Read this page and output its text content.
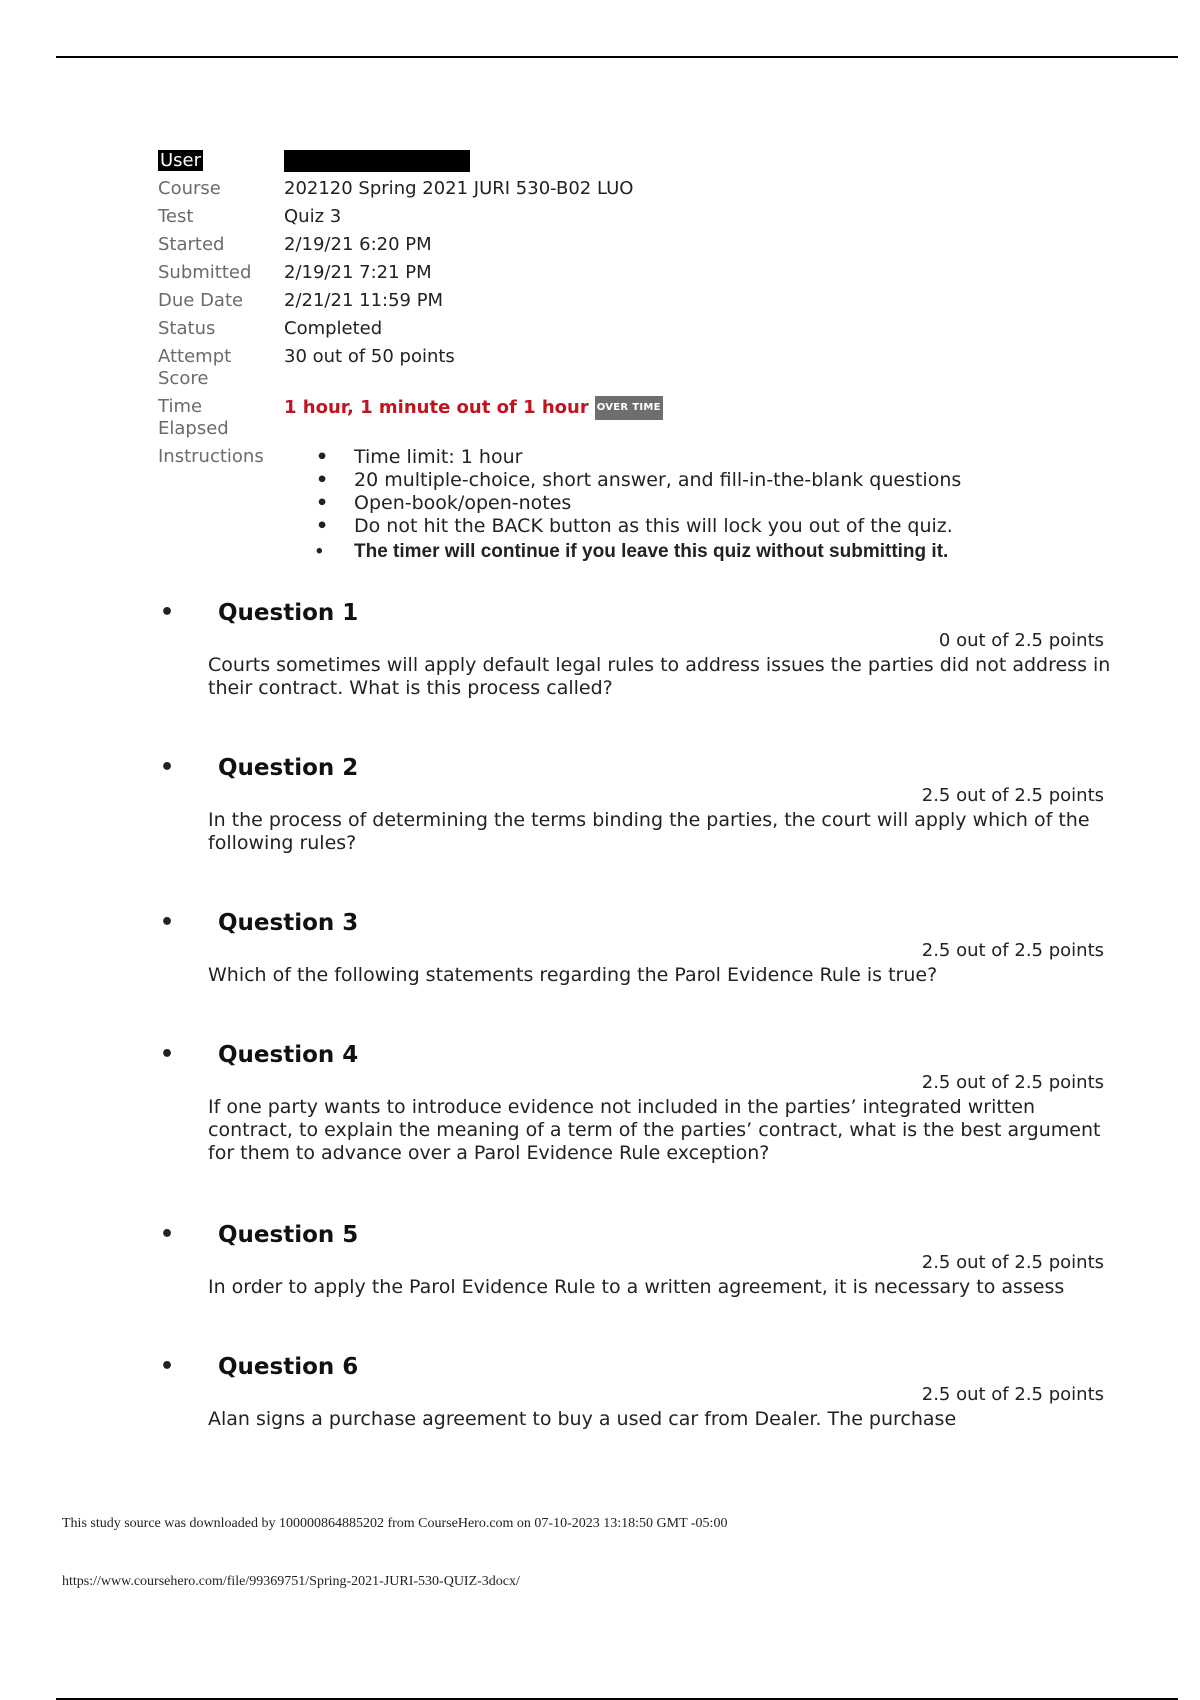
User
Course	202120 Spring 2021 JURI 530-B02 LUO
Test	Quiz 3
Started	2/19/21 6:20 PM
Submitted	2/19/21 7:21 PM
Due Date	2/21/21 11:59 PM
Status	Completed
Attempt
Score
30 out of 50 points
Time
Elapsed
1 hour, 1 minute out of 1 hour OVER TIME
Instructions
•	Time limit: 1 hour
• 20 multiple-choice, short answer, and fill-in-the-blank questions
• Open-book/open-notes
• Do not hit the BACK button as this will lock you out of the quiz.
• The timer will continue if you leave this quiz without submitting it.
• Question 1
0 out of 2.5 points
Courts sometimes will apply default legal rules to address issues the parties did not address in their contract. What is this process called?
• Question 2
2.5 out of 2.5 points
In the process of determining the terms binding the parties, the court will apply which of the following rules?
• Question 3
2.5 out of 2.5 points
Which of the following statements regarding the Parol Evidence Rule is true?
• Question 4
2.5 out of 2.5 points
If one party wants to introduce evidence not included in the parties’ integrated written contract, to explain the meaning of a term of the parties’ contract, what is the best argument for them to advance over a Parol Evidence Rule exception?
• Question 5
2.5 out of 2.5 points
In order to apply the Parol Evidence Rule to a written agreement, it is necessary to assess
• Question 6
2.5 out of 2.5 points
Alan signs a purchase agreement to buy a used car from Dealer. The purchase
This study source was downloaded by 100000864885202 from CourseHero.com on 07-10-2023 13:18:50 GMT -05:00
https://www.coursehero.com/file/99369751/Spring-2021-JURI-530-QUIZ-3docx/
